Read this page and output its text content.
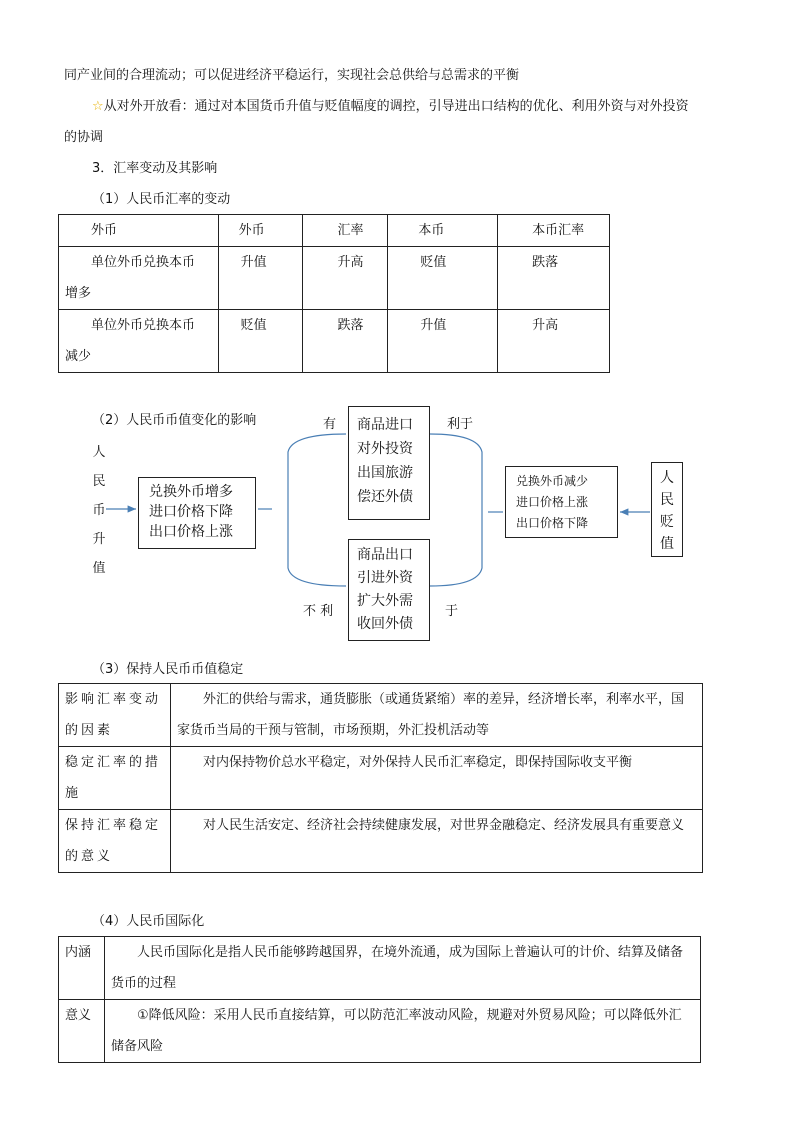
同产业间的合理流动；可以促进经济平稳运行，实现社会总供给与总需求的平衡
☆从对外开放看：通过对本国货币升值与贬值幅度的调控，引导进出口结构的优化、利用外资与对外投资
的协调
3．汇率变动及其影响
（1）人民币汇率的变动
外币	外币	汇率	本币	本币汇率

单位外币兑换本币
增多	升值	升高	贬值	跌落

单位外币兑换本币
减少	贬值	跌落	升值	升高
（2）人民币币值变化的影响
人民币升值
兑换外币增多
进口价格下降
出口价格上涨
有	利于
不 利	于
商品进口
对外投资
出国旅游
偿还外债
商品出口
引进外资
扩大外需
收回外债
兑换外币减少
进口价格上涨
出口价格下降
人
民
贬
值
（3）保持人民币币值稳定
影响汇率变动的因素	外汇的供给与需求，通货膨胀（或通货紧缩）率的差异，经济增长率，利率水平，国家货币当局的干预与管制，市场预期，外汇投机活动等
稳定汇率的措施	对内保持物价总水平稳定，对外保持人民币汇率稳定，即保持国际收支平衡
保持汇率稳定的意义	对人民生活安定、经济社会持续健康发展，对世界金融稳定、经济发展具有重要意义
（4）人民币国际化
内涵	人民币国际化是指人民币能够跨越国界，在境外流通，成为国际上普遍认可的计价、结算及储备货币的过程
意义	①降低风险：采用人民币直接结算，可以防范汇率波动风险，规避对外贸易风险；可以降低外汇储备风险
